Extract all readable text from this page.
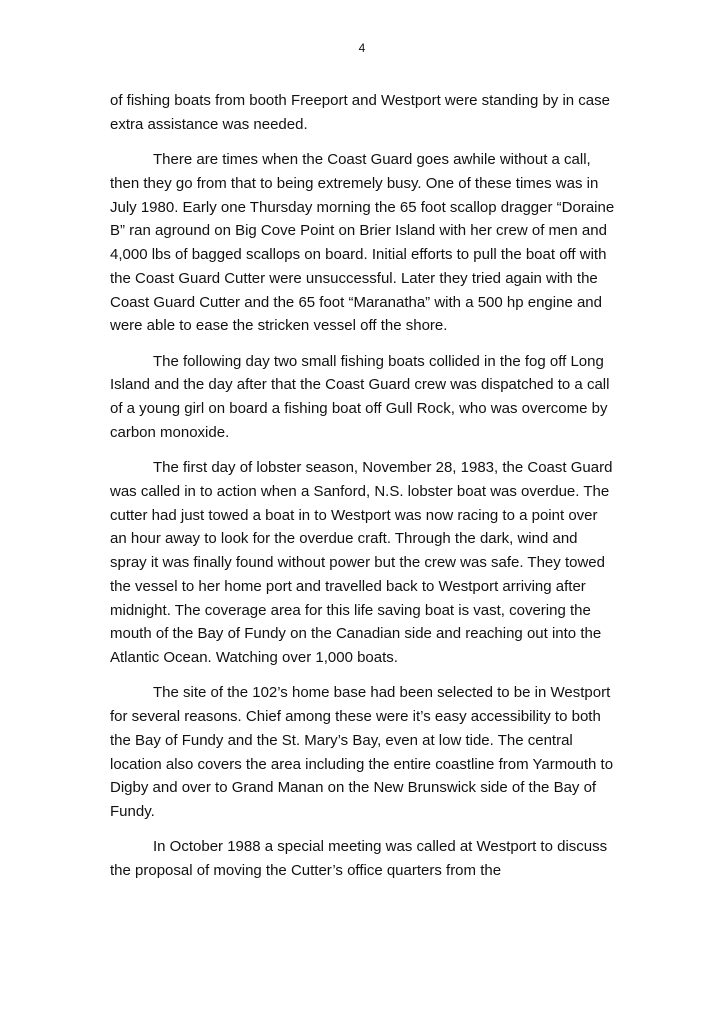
4

of fishing boats from booth Freeport and Westport were standing by in case extra assistance was needed.

There are times when the Coast Guard goes awhile without a call, then they go from that to being extremely busy. One of these times was in July 1980. Early one Thursday morning the 65 foot scallop dragger “Doraine B” ran aground on Big Cove Point on Brier Island with her crew of men and 4,000 lbs of bagged scallops on board. Initial efforts to pull the boat off with the Coast Guard Cutter were unsuccessful. Later they tried again with the Coast Guard Cutter and the 65 foot “Maranatha” with a 500 hp engine and were able to ease the stricken vessel off the shore.

The following day two small fishing boats collided in the fog off Long Island and the day after that the Coast Guard crew was dispatched to a call of a young girl on board a fishing boat off Gull Rock, who was overcome by carbon monoxide.

The first day of lobster season, November 28, 1983, the Coast Guard was called in to action when a Sanford, N.S. lobster boat was overdue. The cutter had just towed a boat in to Westport was now racing to a point over an hour away to look for the overdue craft. Through the dark, wind and spray it was finally found without power but the crew was safe. They towed the vessel to her home port and travelled back to Westport arriving after midnight. The coverage area for this life saving boat is vast, covering the mouth of the Bay of Fundy on the Canadian side and reaching out into the Atlantic Ocean. Watching over 1,000 boats.

The site of the 102’s home base had been selected to be in Westport for several reasons. Chief among these were it’s easy accessibility to both the Bay of Fundy and the St. Mary’s Bay, even at low tide. The central location also covers the area including the entire coastline from Yarmouth to Digby and over to Grand Manan on the New Brunswick side of the Bay of Fundy.

In October 1988 a special meeting was called at Westport to discuss the proposal of moving the Cutter’s office quarters from the
